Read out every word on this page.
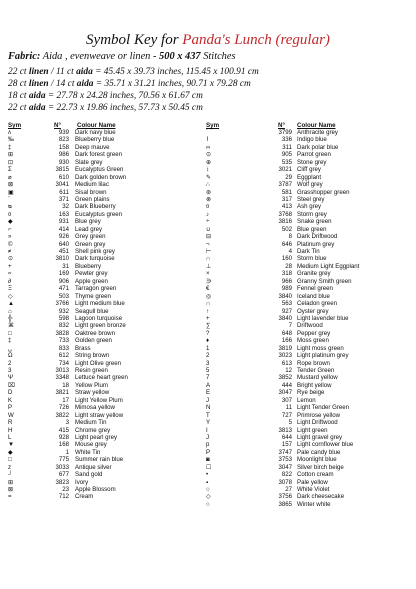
Symbol Key for Panda's Lunch (regular)
Fabric: Aida , evenweave or linen - 500 x 437 Stitches
22 ct linen / 11 ct aida = 45.45 x 39.73 inches, 115.45 x 100.91 cm
28 ct linen / 14 ct aida = 35.71 x 31.21 inches, 90.71 x 79.28 cm
18 ct aida = 27.78 x 24.28 inches, 70.56 x 61.67 cm
22 ct aida = 22.73 x 19.86 inches, 57.73 x 50.45 cm
Sym	N°	Colour Name	Sym	N° Colour Name
ʌ	939 Dark navy blue
‰	823 Blueberry blue
‡	158 Deep mauve
⊞	986 Dark forest green
⊡	930 Slate grey
Σ	3815 Eucalyptus Green
⌀	610 Dark golden brown
⊠	3041 Medium lilac
▣	611 Sisal brown
¨	371 Green plains
ᴓ	32 Dark Blueberry
¤	163 Eucalyptus green
◆	931 Blue grey
⌐	414 Lead grey
»	926 Grey green
©	640 Green grey
≠	451 Shell pink grey
⊙	3810 Dark turquoise
+	31 Blueberry
≈	169 Pewter grey
∂	906 Apple green
Ξ	471 Tarragon green
◇	503 Thyme green
▲	3766 Light medium blue
⌂	932 Seagull blue
╬	598 Lagoon turquoise
⌘	832 Light green bronze
□	3828 Oaktree brown
‡	733 Golden green
␣	833 Brass
Ω	612 String brown
2	734 Light Olive green
3	3013 Resin green
Ψ	3348 Lettuce heart green
⌧	18 Yellow Plum
D	3821 Straw yellow
K	17 Light Yellow Plum
P	726 Mimosa yellow
W	3822 Light straw yellow
R	3 Medium Tin
H	415 Chrome grey
L	928 Light pearl grey
▼	168 Mouse grey
◆	1 White Tin
□	775 Summer rain blue
z	3033 Antique silver
┘	677 Sand gold
⊞	3823 Ivory
⊠	23 Apple Blossom
=	712 Cream
⌒	3799 Anthracite grey
⌇	336 Indigo blue
∞	311 Dark polar blue
⊙	905 Parrot green
⊕	535 Stone grey
↕	3021 Cliff grey
✎	29 Eggplant
∴	3787 Wolf grey
⊛	581 Grasshopper green
⊗	317 Steel grey
¤	413 Ash grey
♪	3768 Storm grey
÷	3816 Snake green
∪	502 Blue green
⊟	8 Dark Driftwood
¬	646 Platinum grey
⊢	4 Dark Tin
∩	160 Storm blue
⊥	28 Medium Light Eggplant
×	318 Granite grey
∋	966 Granny Smith green
€	989 Fennel green
◎	3840 Iceland blue
∩	563 Celadon green
↑	927 Oyster grey
+	3840 Light lavender blue
∑	7 Driftwood
?	648 Pepper grey
♦	166 Moss green
1	3819 Light moss green
2	3023 Light platinum grey
3	613 Rope brown
5	12 Tender Green
7	3852 Mustard yellow
A	444 Bright yellow
E	3047 Rye beige
J	307 Lemon
N	11 Light Tender Green
T	727 Primrose yellow
Y	5 Light Driftwood
I	3813 Light green
J	644 Light gravel grey
p	157 Light cornflower blue
P	3747 Pale candy blue
◙	3753 Moonlight blue
☐	3047 Silver birch beige
•	822 Cotton cream
▪	3078 Pale yellow
○	27 White Violet
◇	3756 Dark cheesecake
○	3865 Winter white
